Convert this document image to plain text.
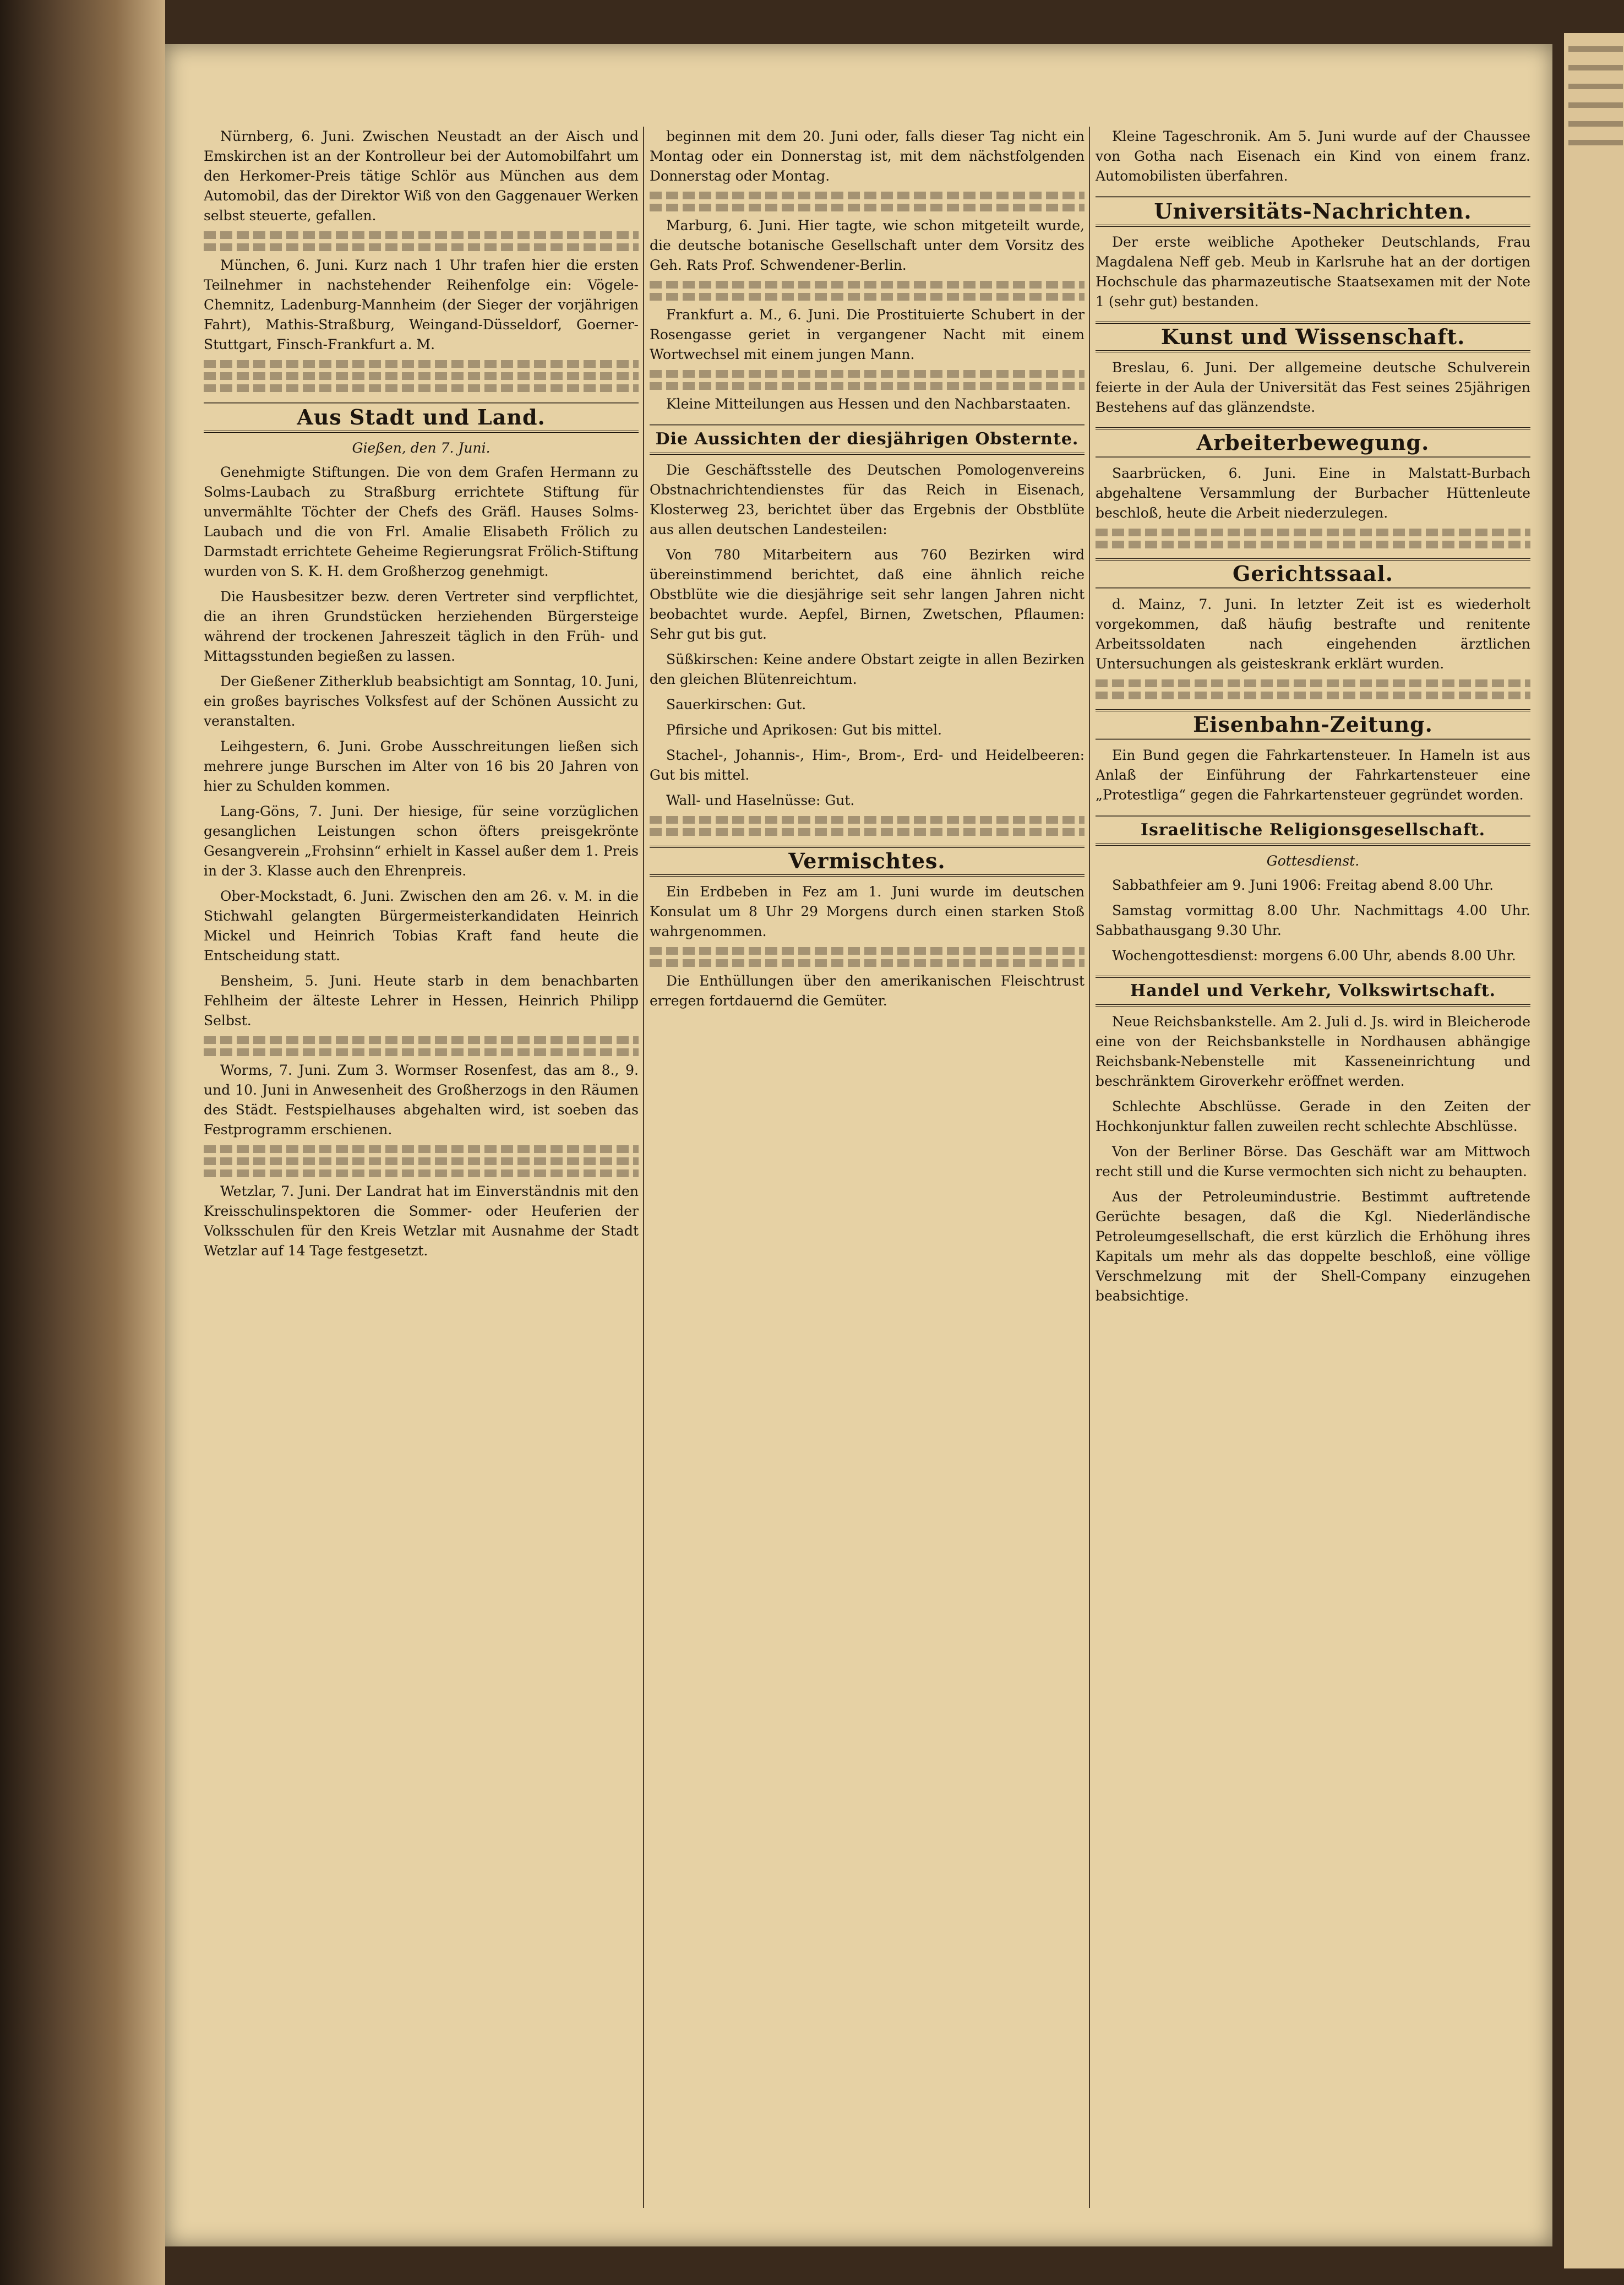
Nürnberg, 6. Juni. Zwischen Neustadt an der Aisch und Emskirchen ist an der Kontrolleur bei der Automobilfahrt um den Herkomer-Preis tätige Schlör aus München aus dem Automobil, das der Direktor Wiß von den Gaggenauer Werken selbst steuerte, gefallen.

München, 6. Juni. Kurz nach 1 Uhr trafen hier die ersten Teilnehmer in nachstehender Reihenfolge ein: Vögele-Chemnitz, Ladenburg-Mannheim (der Sieger der vorjährigen Fahrt), Mathis-Straßburg, Weingand-Düsseldorf, Goerner-Stuttgart, Finsch-Frankfurt a. M.

Aus Stadt und Land.
Gießen, den 7. Juni.

Genehmigte Stiftungen. Die von dem Grafen Hermann zu Solms-Laubach zu Straßburg errichtete Stiftung für unvermählte Töchter der Chefs des Gräfl. Hauses Solms-Laubach und die von Frl. Amalie Elisabeth Frölich zu Darmstadt errichtete Geheime Regierungsrat Frölich-Stiftung wurden von S. K. H. dem Großherzog genehmigt.

Die Hausbesitzer bezw. deren Vertreter sind verpflichtet, die an ihren Grundstücken herziehenden Bürgersteige während der trockenen Jahreszeit täglich in den Früh- und Mittagsstunden begießen zu lassen.

Der Gießener Zitherklub beabsichtigt am Sonntag, 10. Juni, ein großes bayrisches Volksfest auf der Schönen Aussicht zu veranstalten.

Leihgestern, 6. Juni. Grobe Ausschreitungen ließen sich mehrere junge Burschen im Alter von 16 bis 20 Jahren von hier zu Schulden kommen.

Lang-Göns, 7. Juni. Der hiesige, für seine vorzüglichen gesanglichen Leistungen schon öfters preisgekrönte Gesangverein „Frohsinn“ erhielt in Kassel außer dem 1. Preis in der 3. Klasse auch den Ehrenpreis.

Ober-Mockstadt, 6. Juni. Zwischen den am 26. v. M. in die Stichwahl gelangten Bürgermeisterkandidaten Heinrich Mickel und Heinrich Tobias Kraft fand heute die Entscheidung statt.

Bensheim, 5. Juni. Heute starb in dem benachbarten Fehlheim der älteste Lehrer in Hessen, Heinrich Philipp Selbst.

Worms, 7. Juni. Zum 3. Wormser Rosenfest, das am 8., 9. und 10. Juni in Anwesenheit des Großherzogs in den Räumen des Städt. Festspielhauses abgehalten wird, ist soeben das Festprogramm erschienen.

Wetzlar, 7. Juni. Der Landrat hat im Einverständnis mit den Kreisschulinspektoren die Sommer- oder Heuferien der Volksschulen für den Kreis Wetzlar mit Ausnahme der Stadt Wetzlar auf 14 Tage festgesetzt.

beginnen mit dem 20. Juni oder, falls dieser Tag nicht ein Montag oder ein Donnerstag ist, mit dem nächstfolgenden Donnerstag oder Montag.

Marburg, 6. Juni. Hier tagte, wie schon mitgeteilt wurde, die deutsche botanische Gesellschaft unter dem Vorsitz des Geh. Rats Prof. Schwendener-Berlin.

Frankfurt a. M., 6. Juni. Die Prostituierte Schubert in der Rosengasse geriet in vergangener Nacht mit einem Wortwechsel mit einem jungen Mann.

Kleine Mitteilungen aus Hessen und den Nachbarstaaten.

Die Aussichten der diesjährigen Obsternte.

Die Geschäftsstelle des Deutschen Pomologenvereins Obstnachrichtendienstes für das Reich in Eisenach, Klosterweg 23, berichtet über das Ergebnis der Obstblüte aus allen deutschen Landesteilen:

Von 780 Mitarbeitern aus 760 Bezirken wird übereinstimmend berichtet, daß eine ähnlich reiche Obstblüte wie die diesjährige seit sehr langen Jahren nicht beobachtet wurde. Aepfel, Birnen, Zwetschen, Pflaumen: Sehr gut bis gut.

Süßkirschen: Keine andere Obstart zeigte in allen Bezirken den gleichen Blütenreichtum.

Sauerkirschen: Gut.

Pfirsiche und Aprikosen: Gut bis mittel.

Stachel-, Johannis-, Him-, Brom-, Erd- und Heidelbeeren: Gut bis mittel.

Wall- und Haselnüsse: Gut.

Vermischtes.

Ein Erdbeben in Fez am 1. Juni wurde im deutschen Konsulat um 8 Uhr 29 Morgens durch einen starken Stoß wahrgenommen.

Die Enthüllungen über den amerikanischen Fleischtrust erregen fortdauernd die Gemüter.

Kleine Tageschronik. Am 5. Juni wurde auf der Chaussee von Gotha nach Eisenach ein Kind von einem franz. Automobilisten überfahren.

Universitäts-Nachrichten.

Der erste weibliche Apotheker Deutschlands, Frau Magdalena Neff geb. Meub in Karlsruhe hat an der dortigen Hochschule das pharmazeutische Staatsexamen mit der Note 1 (sehr gut) bestanden.

Kunst und Wissenschaft.

Breslau, 6. Juni. Der allgemeine deutsche Schulverein feierte in der Aula der Universität das Fest seines 25jährigen Bestehens auf das glänzendste.

Arbeiterbewegung.

Saarbrücken, 6. Juni. Eine in Malstatt-Burbach abgehaltene Versammlung der Burbacher Hüttenleute beschloß, heute die Arbeit niederzulegen.

Gerichtssaal.

d. Mainz, 7. Juni. In letzter Zeit ist es wiederholt vorgekommen, daß häufig bestrafte und renitente Arbeitssoldaten nach eingehenden ärztlichen Untersuchungen als geisteskrank erklärt wurden.

Eisenbahn-Zeitung.

Ein Bund gegen die Fahrkartensteuer. In Hameln ist aus Anlaß der Einführung der Fahrkartensteuer eine „Protestliga“ gegen die Fahrkartensteuer gegründet worden.

Israelitische Religionsgesellschaft.
Gottesdienst.

Sabbathfeier am 9. Juni 1906: Freitag abend 8.00 Uhr.

Samstag vormittag 8.00 Uhr. Nachmittags 4.00 Uhr. Sabbathausgang 9.30 Uhr.

Wochengottesdienst: morgens 6.00 Uhr, abends 8.00 Uhr.

Handel und Verkehr, Volkswirtschaft.

Neue Reichsbankstelle. Am 2. Juli d. Js. wird in Bleicherode eine von der Reichsbankstelle in Nordhausen abhängige Reichsbank-Nebenstelle mit Kasseneinrichtung und beschränktem Giroverkehr eröffnet werden.

Schlechte Abschlüsse. Gerade in den Zeiten der Hochkonjunktur fallen zuweilen recht schlechte Abschlüsse.

Von der Berliner Börse. Das Geschäft war am Mittwoch recht still und die Kurse vermochten sich nicht zu behaupten.

Aus der Petroleumindustrie. Bestimmt auftretende Gerüchte besagen, daß die Kgl. Niederländische Petroleumgesellschaft, die erst kürzlich die Erhöhung ihres Kapitals um mehr als das doppelte beschloß, eine völlige Verschmelzung mit der Shell-Company einzugehen beabsichtige.
